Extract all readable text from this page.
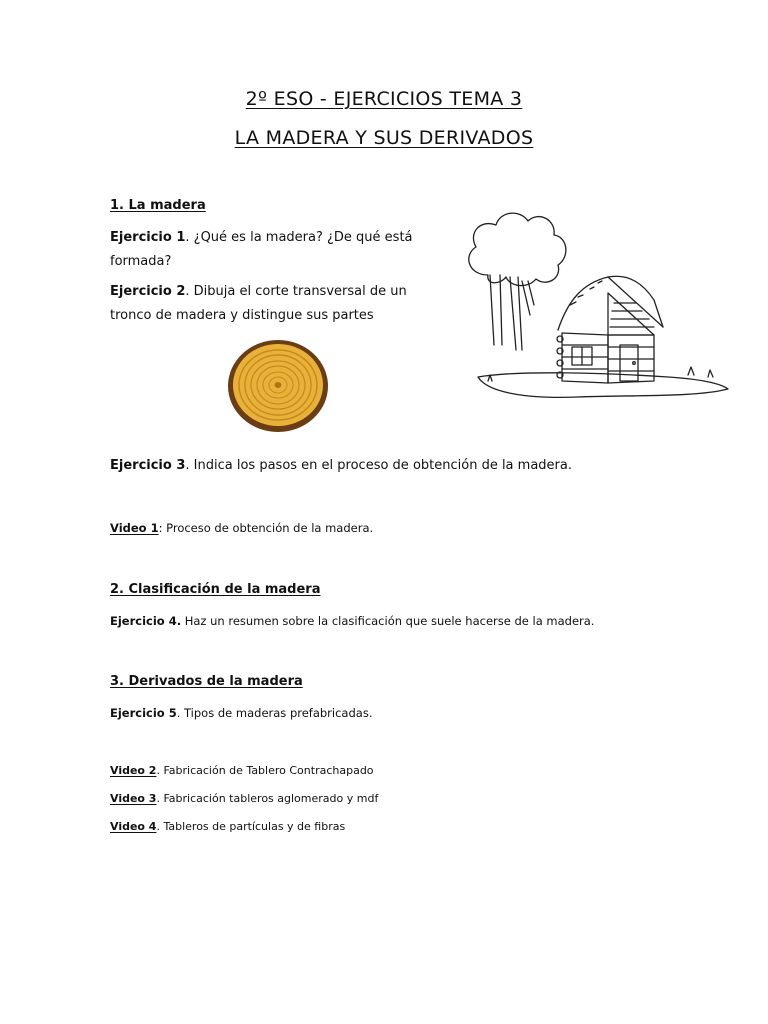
2º ESO - EJERCICIOS TEMA 3
LA MADERA Y SUS DERIVADOS
1. La madera
Ejercicio 1. ¿Qué es la madera? ¿De qué está formada?
Ejercicio 2. Dibuja el corte transversal de un tronco de madera y distingue sus partes
Ejercicio 3. Indica los pasos en el proceso de obtención de la madera.
Video 1: Proceso de obtención de la madera.
2. Clasificación de la madera
Ejercicio 4. Haz un resumen sobre la clasificación que suele hacerse de la madera.
3. Derivados de la madera
Ejercicio 5. Tipos de maderas prefabricadas.
Video 2. Fabricación de Tablero Contrachapado
Video 3. Fabricación tableros aglomerado y mdf
Video 4. Tableros de partículas y de fibras
